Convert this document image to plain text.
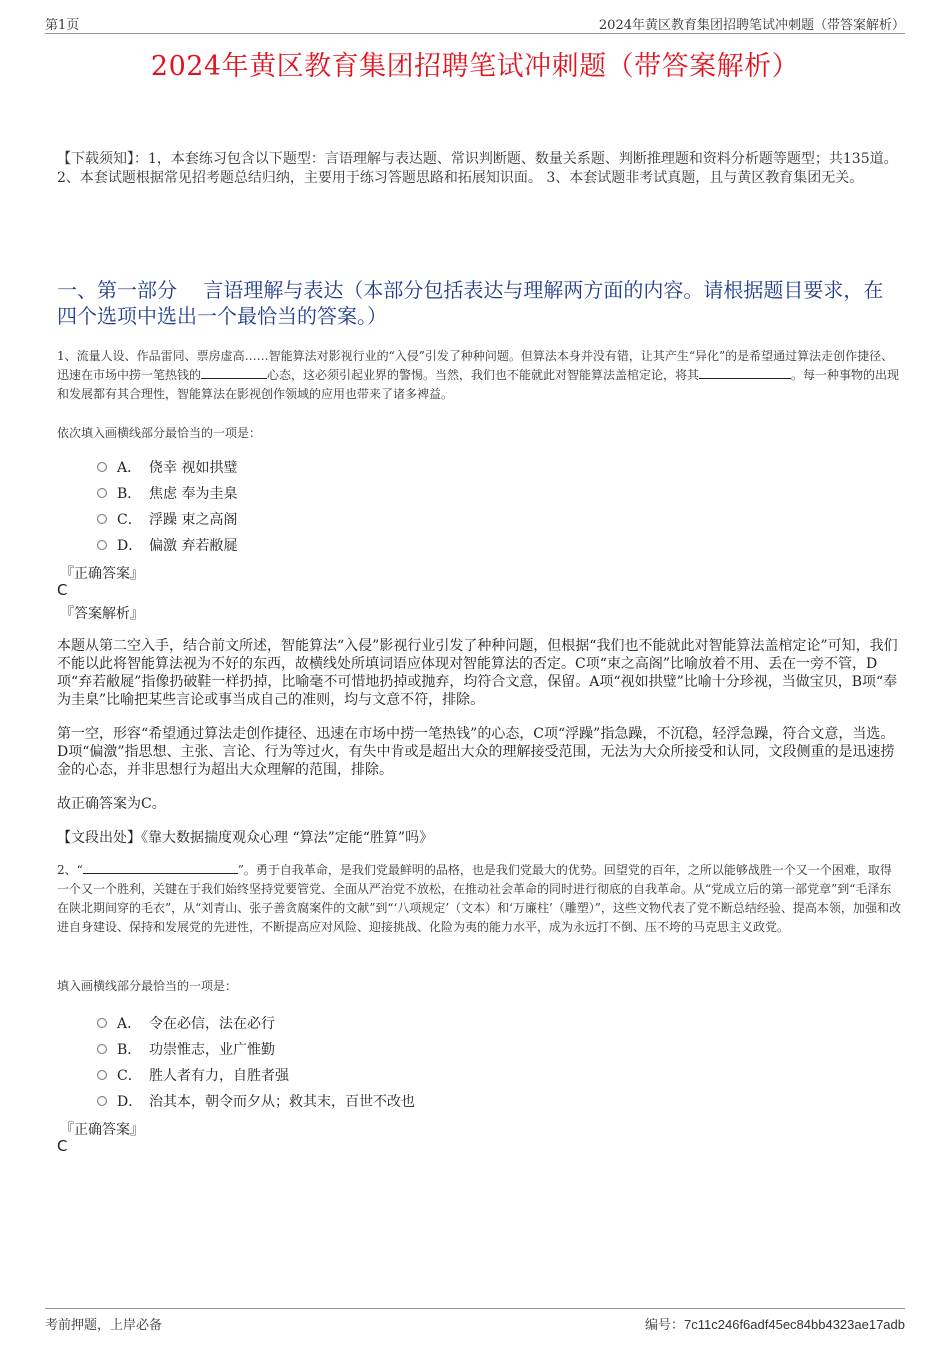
第1页	2024年黄区教育集团招聘笔试冲刺题（带答案解析）
2024年黄区教育集团招聘笔试冲刺题（带答案解析）
【下载须知】：1，本套练习包含以下题型：言语理解与表达题、常识判断题、数量关系题、判断推理题和资料分析题等题型；共135道。 2、本套试题根据常见招考题总结归纳，主要用于练习答题思路和拓展知识面。 3、本套试题非考试真题，且与黄区教育集团无关。
一、第一部分　 言语理解与表达（本部分包括表达与理解两方面的内容。请根据题目要求，在四个选项中选出一个最恰当的答案。）
1、流量人设、作品雷同、票房虚高……智能算法对影视行业的“入侵”引发了种种问题。但算法本身并没有错，让其产生“异化”的是希望通过算法走创作捷径、迅速在市场中捞一笔热钱的	心态，这必须引起业界的警惕。当然，我们也不能就此对智能算法盖棺定论，将其	。每一种事物的出现和发展都有其合理性，智能算法在影视创作领域的应用也带来了诸多裨益。
依次填入画横线部分最恰当的一项是：
A． 侥幸 视如拱璧
B． 焦虑 奉为圭臬
C． 浮躁 束之高阁
D． 偏激 弃若敝屣
『正确答案』
C
『答案解析』
本题从第二空入手，结合前文所述，智能算法“入侵”影视行业引发了种种问题，但根据“我们也不能就此对智能算法盖棺定论”可知，我们不能以此将智能算法视为不好的东西，故横线处所填词语应体现对智能算法的否定。C项“束之高阁”比喻放着不用、丢在一旁不管，D项“弃若敝屣”指像扔破鞋一样扔掉，比喻毫不可惜地扔掉或抛弃，均符合文意，保留。A项“视如拱璧”比喻十分珍视，当做宝贝，B项“奉为圭臬”比喻把某些言论或事当成自己的准则，均与文意不符，排除。
第一空，形容“希望通过算法走创作捷径、迅速在市场中捞一笔热钱”的心态，C项“浮躁”指急躁，不沉稳，轻浮急躁，符合文意，当选。D项“偏激”指思想、主张、言论、行为等过火，有失中肯或是超出大众的理解接受范围，无法为大众所接受和认同，文段侧重的是迅速捞金的心态，并非思想行为超出大众理解的范围，排除。
故正确答案为C。
【文段出处】《靠大数据揣度观众心理 “算法”定能“胜算”吗》
2、“	”。勇于自我革命，是我们党最鲜明的品格，也是我们党最大的优势。回望党的百年，之所以能够战胜一个又一个困难，取得一个又一个胜利，关键在于我们始终坚持党要管党、全面从严治党不放松，在推动社会革命的同时进行彻底的自我革命。从“党成立后的第一部党章”到“毛泽东在陕北期间穿的毛衣”，从“刘青山、张子善贪腐案件的文献”到“‘八项规定’（文本）和‘万廉柱’（雕塑）”，这些文物代表了党不断总结经验、提高本领，加强和改进自身建设、保持和发展党的先进性，不断提高应对风险、迎接挑战、化险为夷的能力水平，成为永远打不倒、压不垮的马克思主义政党。
填入画横线部分最恰当的一项是：
A． 令在必信，法在必行
B． 功崇惟志，业广惟勤
C． 胜人者有力，自胜者强
D． 治其本，朝令而夕从；救其末，百世不改也
『正确答案』
C
考前押题，上岸必备	编号：7c11c246f6adf45ec84bb4323ae17adb
